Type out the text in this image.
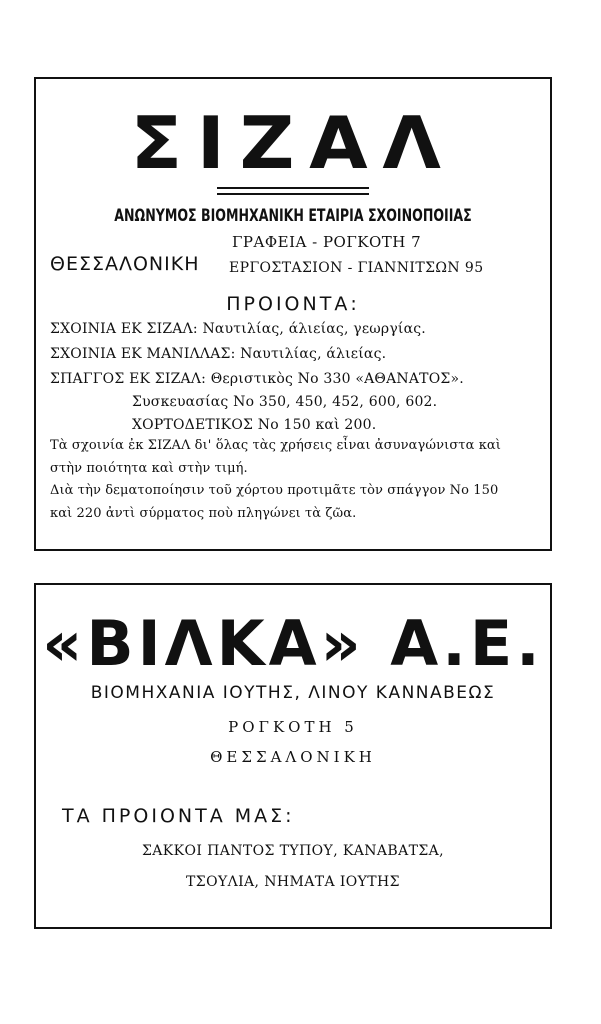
ΣΙΖΑΛ
ΑΝΩΝΥΜΟΣ ΒΙΟΜΗΧΑΝΙΚΗ ΕΤΑΙΡΙΑ ΣΧΟΙΝΟΠΟΙΙΑΣ
ΘΕΣΣΑΛΟΝΙΚΗ
ΓΡΑΦΕΙΑ - ΡΟΓΚΟΤΗ 7
ΕΡΓΟΣΤΑΣΙΟΝ - ΓΙΑΝΝΙΤΣΩΝ 95
ΠΡΟΙΟΝΤΑ:
ΣΧΟΙΝΙΑ ΕΚ ΣΙΖΑΛ: Ναυτιλίας, άλιείας, γεωργίας.
ΣΧΟΙΝΙΑ ΕΚ ΜΑΝΙΛΛΑΣ: Ναυτιλίας, άλιείας.
ΣΠΑΓΓΟΣ ΕΚ ΣΙΖΑΛ: Θεριστικὸς Νο 330 «ΑΘΑΝΑΤΟΣ».
Συσκευασίας Νο 350, 450, 452, 600, 602.
ΧΟΡΤΟΔΕΤΙΚΟΣ Νο 150 καὶ 200.
Τὰ σχοινία ἐκ ΣΙΖΑΛ δι' ὅλας τὰς χρήσεις εἶναι ἀσυναγώνιστα καὶ
στὴν ποιότητα καὶ στὴν τιμή.
Διὰ τὴν δεματοποίησιν τοῦ χόρτου προτιμᾶτε τὸν σπάγγον Νο 150
καὶ 220 ἀντὶ σύρματος ποὺ πληγώνει τὰ ζῶα.
«ΒΙΛΚΑ» Α.Ε.
ΒΙΟΜΗΧΑΝΙΑ ΙΟΥΤΗΣ, ΛΙΝΟΥ ΚΑΝΝΑΒΕΩΣ
ΡΟΓΚΟΤΗ 5
ΘΕΣΣΑΛΟΝΙΚΗ
ΤΑ ΠΡΟΙΟΝΤΑ ΜΑΣ:
ΣΑΚΚΟΙ ΠΑΝΤΟΣ ΤΥΠΟΥ, ΚΑΝΑΒΑΤΣΑ,
ΤΣΟΥΛΙΑ, ΝΗΜΑΤΑ ΙΟΥΤΗΣ
